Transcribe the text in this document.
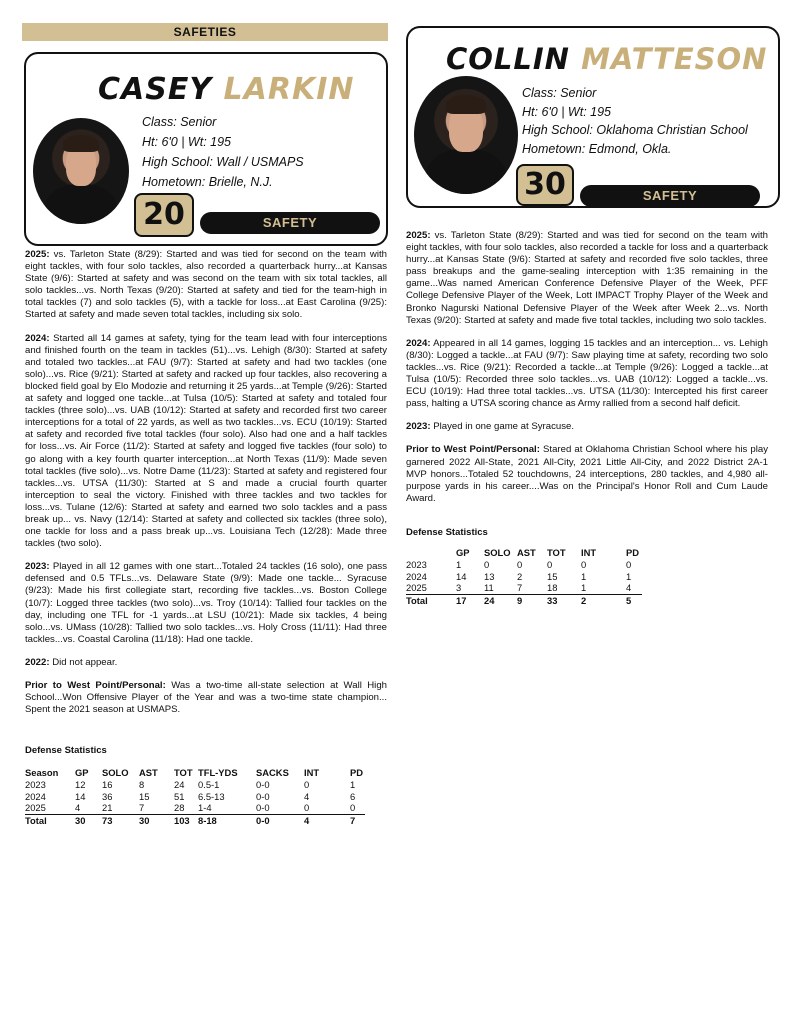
SAFETIES
CASEY LARKIN
Class: Senior
Ht: 6'0 | Wt: 195
High School: Wall / USMAPS
Hometown: Brielle, N.J.
20	SAFETY

2025: vs. Tarleton State (8/29): Started and was tied for second on the team with eight tackles, with four solo tackles, also recorded a quarterback hurry...at Kansas State (9/6): Started at safety and was second on the team with six total tackles, all solo tackles...vs. North Texas (9/20): Started at safety and tied for the team-high in total tackles (7) and solo tackles (5), with a tackle for loss...at East Carolina (9/25): Started at safety and made seven total tackles, including six solo.

2024: Started all 14 games at safety, tying for the team lead with four interceptions and finished fourth on the team in tackles (51)...vs. Lehigh (8/30): Started at safety and totaled two tackles...at FAU (9/7): Started at safety and had two tackles (one solo)...vs. Rice (9/21): Started at safety and racked up four tackles, also recovering a blocked field goal by Elo Modozie and returning it 25 yards...at Temple (9/26): Started at safety and logged one tackle...at Tulsa (10/5): Started at safety and totaled four tackles (three solo)...vs. UAB (10/12): Started at safety and recorded first two career interceptions for a total of 22 yards, as well as two tackles...vs. ECU (10/19): Started at safety and recorded five total tackles (four solo). Also had one and a half tackles for loss...vs. Air Force (11/2): Started at safety and logged five tackles (four solo) to go along with a key fourth quarter interception...at North Texas (11/9): Made seven total tackles (five solo)...vs. Notre Dame (11/23): Started at safety and registered four tackles...vs. UTSA (11/30): Started at S and made a crucial fourth quarter interception to seal the victory. Finished with three tackles and two tackles for loss...vs. Tulane (12/6): Started at safety and earned two solo tackles and a pass break up... vs. Navy (12/14): Started at safety and collected six tackles (three solo), one tackle for loss and a pass break up...vs. Louisiana Tech (12/28): Made three tackles (two solo).

2023: Played in all 12 games with one start...Totaled 24 tackles (16 solo), one pass defensed and 0.5 TFLs...vs. Delaware State (9/9): Made one tackle... Syracuse (9/23): Made his first collegiate start, recording five tackles...vs. Boston College (10/7): Logged three tackles (two solo)...vs. Troy (10/14): Tallied four tackles on the day, including one TFL for -1 yards...at LSU (10/21): Made six tackles, 4 being solo...vs. UMass (10/28): Tallied two solo tackles...vs. Holy Cross (11/11): Had three tackles...vs. Coastal Carolina (11/18): Had one tackle.

2022: Did not appear.

Prior to West Point/Personal: Was a two-time all-state selection at Wall High School...Won Offensive Player of the Year and was a two-time state champion... Spent the 2021 season at USMAPS.

Defense Statistics
Season	GP	SOLO	AST	TOT	TFL-YDS	SACKS	INT	PD
2023	12	16	8	24	0.5-1	0-0	0	1
2024	14	36	15	51	6.5-13	0-0	4	6
2025	4	21	7	28	1-4	0-0	0	0
Total	30	73	30	103	8-18	0-0	4	7
COLLIN MATTESON
Class: Senior
Ht: 6'0 | Wt: 195
High School: Oklahoma Christian School
Hometown: Edmond, Okla.
30	SAFETY

2025: vs. Tarleton State (8/29): Started and was tied for second on the team with eight tackles, with four solo tackles, also recorded a tackle for loss and a quarterback hurry...at Kansas State (9/6): Started at safety and recorded five solo tackles, three pass breakups and the game-sealing interception with 1:35 remaining in the game...Was named American Conference Defensive Player of the Week, PFF College Defensive Player of the Week, Lott IMPACT Trophy Player of the Week and Bronko Nagurski National Defensive Player of the Week after Week 2...vs. North Texas (9/20): Started at safety and made five total tackles, including two solo tackles.

2024: Appeared in all 14 games, logging 15 tackles and an interception... vs. Lehigh (8/30): Logged a tackle...at FAU (9/7): Saw playing time at safety, recording two solo tackles...vs. Rice (9/21): Recorded a tackle...at Temple (9/26): Logged a tackle...at Tulsa (10/5): Recorded three solo tackles...vs. UAB (10/12): Logged a tackle...vs. ECU (10/19): Had three total tackles...vs. UTSA (11/30): Intercepted his first career pass, halting a UTSA scoring chance as Army rallied from a second half deficit.

2023: Played in one game at Syracuse.

Prior to West Point/Personal: Stared at Oklahoma Christian School where his play garnered 2022 All-State, 2021 All-City, 2021 Little All-City, and 2022 District 2A-1 MVP honors...Totaled 52 touchdowns, 24 interceptions, 280 tackles, and 4,980 all-purpose yards in his career....Was on the Principal's Honor Roll and Cum Laude Award.

Defense Statistics
	GP	SOLO	AST	TOT	INT	PD
2023	1	0	0	0	0	0
2024	14	13	2	15	1	1
2025	3	11	7	18	1	4
Total	17	24	9	33	2	5
